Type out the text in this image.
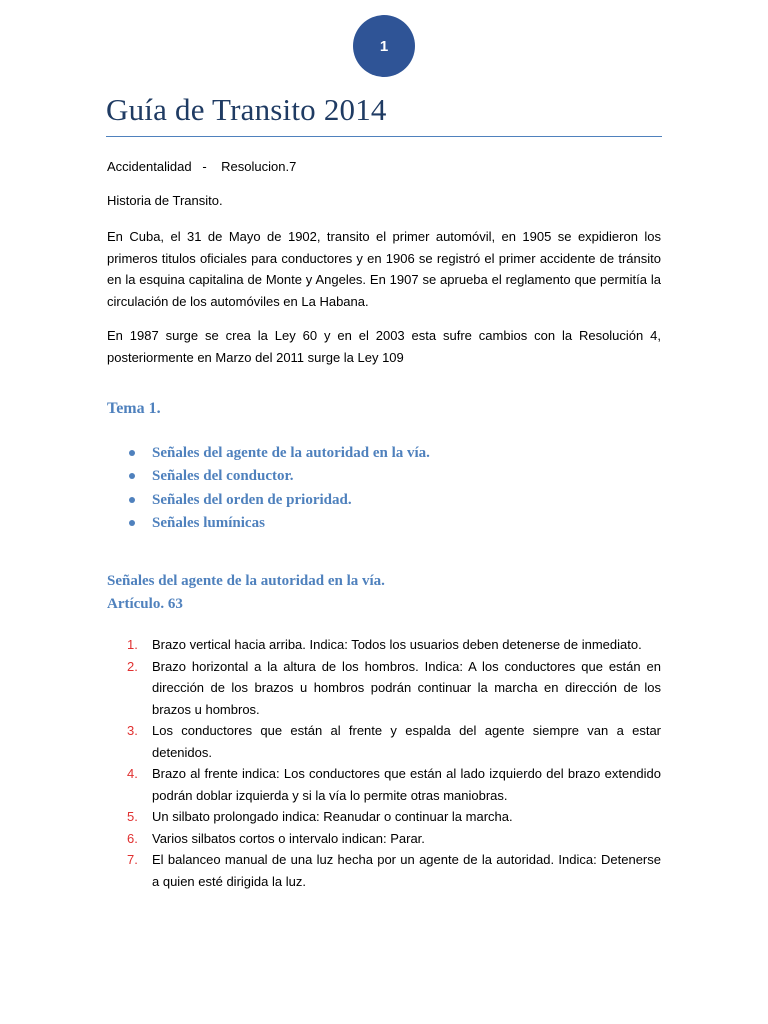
1
Guía de Transito 2014

Accidentalidad   -    Resolucion.7

Historia de Transito.

En Cuba, el 31 de Mayo de 1902, transito el primer automóvil, en 1905 se expidieron los primeros titulos oficiales para conductores y en 1906 se registró el primer accidente de tránsito en la esquina capitalina de Monte y Angeles. En 1907 se aprueba el reglamento que permitía la circulación de los automóviles en La Habana.

En 1987 surge se crea la Ley 60 y en el 2003 esta sufre cambios con la Resolución 4, posteriormente en Marzo del 2011 surge la Ley 109

Tema 1.
Señales del agente de la autoridad en la vía.
Señales del conductor.
Señales del orden de prioridad.
Señales lumínicas
Señales del agente de la autoridad en la vía.
Artículo. 63
1. Brazo vertical hacia arriba. Indica: Todos los usuarios deben detenerse de inmediato.
2. Brazo horizontal a la altura de los hombros. Indica: A los conductores que están en dirección de los brazos u hombros podrán continuar la marcha en dirección de los brazos u hombros.
3. Los conductores que están al frente y espalda del agente siempre van a estar detenidos.
4. Brazo al frente indica: Los conductores que están al lado izquierdo del brazo extendido podrán doblar izquierda y si la vía lo permite otras maniobras.
5. Un silbato prolongado indica: Reanudar o continuar la marcha.
6. Varios silbatos cortos o intervalo indican: Parar.
7. El balanceo manual de una luz hecha por un agente de la autoridad. Indica: Detenerse a quien esté dirigida la luz.
